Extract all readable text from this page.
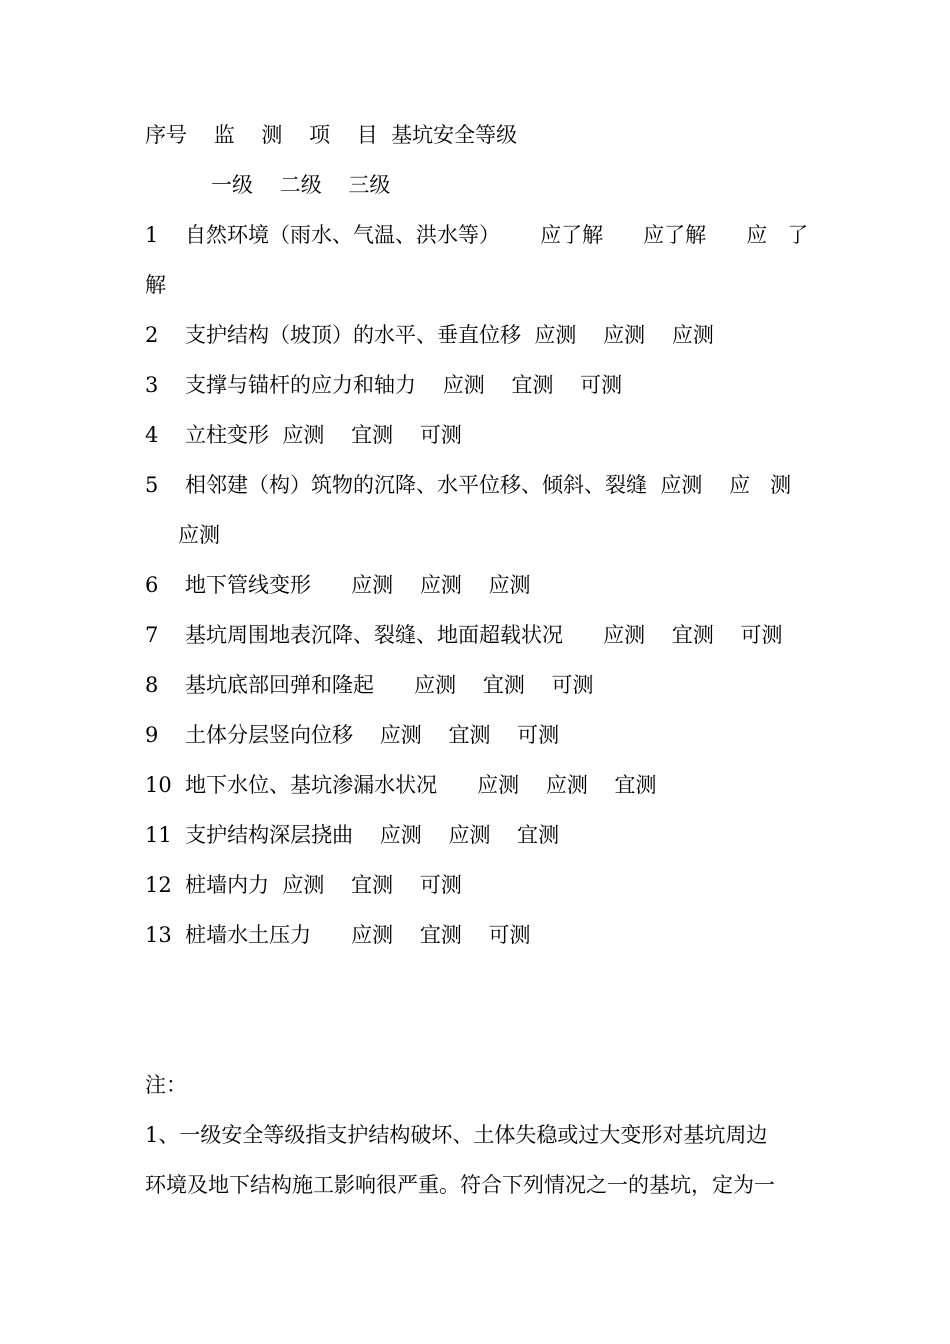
序号    监    测    项    目  基坑安全等级
一级    二级    三级
1    自然环境（雨水、气温、洪水等）      应了解      应了解      应   了
解
2    支护结构（坡顶）的水平、垂直位移  应测    应测    应测
3    支撑与锚杆的应力和轴力    应测    宜测    可测
4    立柱变形  应测    宜测    可测
5    相邻建（构）筑物的沉降、水平位移、倾斜、裂缝  应测    应   测
应测
6    地下管线变形      应测    应测    应测
7    基坑周围地表沉降、裂缝、地面超载状况      应测    宜测    可测
8    基坑底部回弹和隆起      应测    宜测    可测
9    土体分层竖向位移    应测    宜测    可测
10  地下水位、基坑渗漏水状况      应测    应测    宜测
11  支护结构深层挠曲    应测    应测    宜测
12  桩墙内力  应测    宜测    可测
13  桩墙水土压力      应测    宜测    可测
注：
1、一级安全等级指支护结构破坏、土体失稳或过大变形对基坑周边
环境及地下结构施工影响很严重。符合下列情况之一的基坑，定为一
